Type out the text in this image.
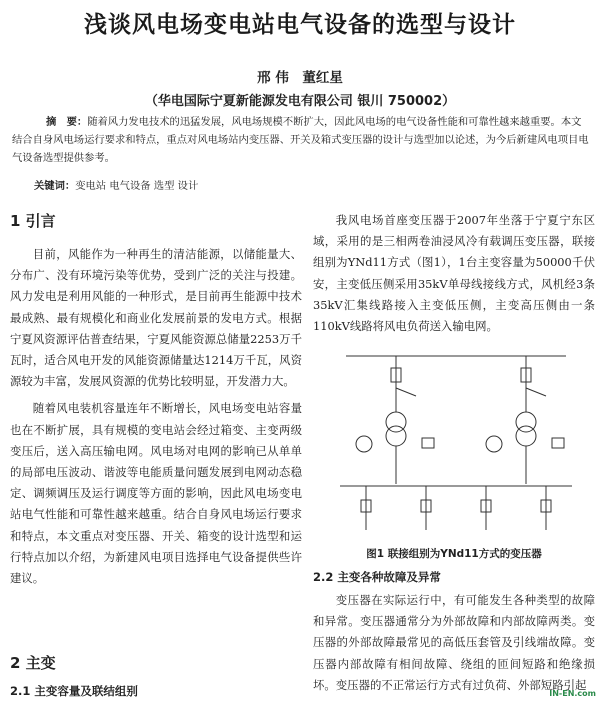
浅谈风电场变电站电气设备的选型与设计
邢 伟　董红星
（华电国际宁夏新能源发电有限公司 银川 750002）
摘　要：随着风力发电技术的迅猛发展，风电场规模不断扩大，因此风电场的电气设备性能和可靠性越来越重要。本文结合自身风电场运行要求和特点，重点对风电场站内变压器、开关及箱式变压器的设计与选型加以论述，为今后新建风电项目电气设备选型提供参考。
关键词：变电站 电气设备 选型 设计
1 引言

目前，风能作为一种再生的清洁能源，以储能量大、分布广、没有环境污染等优势，受到广泛的关注与投建。风力发电是利用风能的一种形式，是目前再生能源中技术最成熟、最有规模化和商业化发展前景的发电方式。根据宁夏风资源评估普查结果，宁夏风能资源总储量2253万千瓦时，适合风电开发的风能资源储量达1214万千瓦，风资源较为丰富，发展风资源的优势比较明显，开发潜力大。

随着风电装机容量连年不断增长，风电场变电站容量也在不断扩展，具有规模的变电站会经过箱变、主变两级变压后，送入高压输电网。风电场对电网的影响已从单单的局部电压波动、谐波等电能质量问题发展到电网动态稳定、调频调压及运行调度等方面的影响，因此风电场变电站电气性能和可靠性越来越重。结合自身风电场运行要求和特点，本文重点对变压器、开关、箱变的设计选型和运行特点加以介绍，为新建风电项目选择电气设备提供些许建议。

2 主变
2.1 主变容量及联结组别

我风电场首座变压器于2007年坐落于宁夏宁东区域，采用的是三相两卷油浸风冷有载调压变压器，联接组别为YNd11方式（图1），1台主变容量为50000千伏安，主变低压侧采用35kV单母线接线方式，风机经3条35kV汇集线路接入主变低压侧，主变高压侧由一条110kV线路将风电负荷送入输电网。

图1 联接组别为YNd11方式的变压器
2.2 主变各种故障及异常

变压器在实际运行中，有可能发生各种类型的故障和异常。变压器通常分为外部故障和内部故障两类。变压器的外部故障最常见的高低压套管及引线端故障。变压器内部故障有相间故障、绕组的匝间短路和绝缘损坏。变压器的不正常运行方式有过负荷、外部短路引起

IN-EN.com
